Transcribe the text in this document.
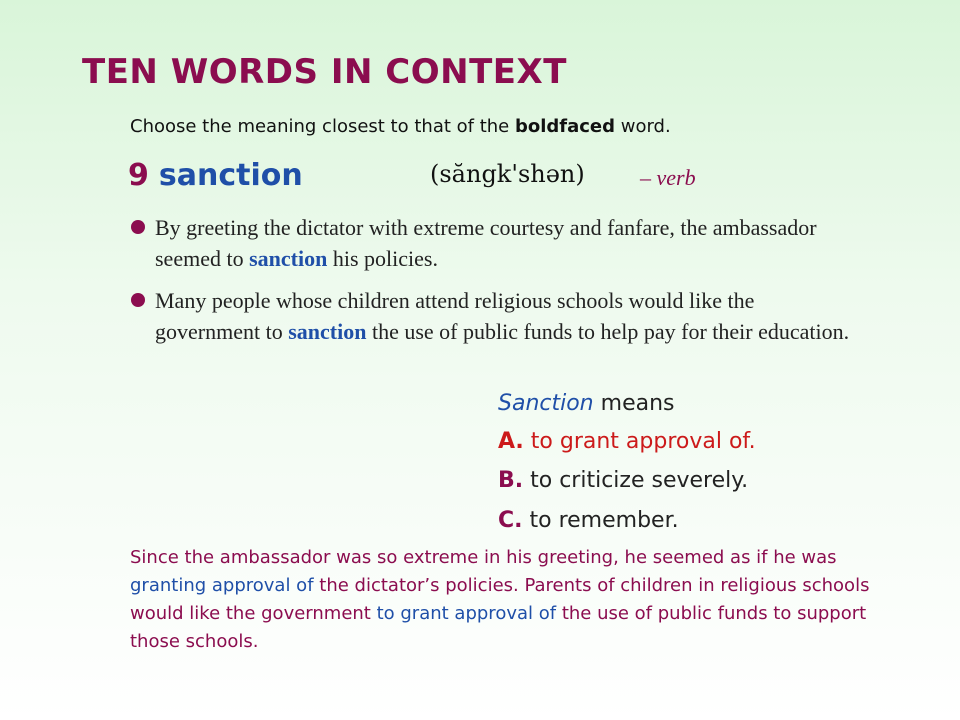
TEN WORDS IN CONTEXT
Choose the meaning closest to that of the boldfaced word.
9 sanction	(săngk'shən)	– verb
By greeting the dictator with extreme courtesy and fanfare, the ambassador seemed to sanction his policies.
Many people whose children attend religious schools would like the government to sanction the use of public funds to help pay for their education.
Sanction means
A. to grant approval of.
B. to criticize severely.
C. to remember.
Since the ambassador was so extreme in his greeting, he seemed as if he was granting approval of the dictator’s policies. Parents of children in religious schools would like the government to grant approval of the use of public funds to support those schools.
